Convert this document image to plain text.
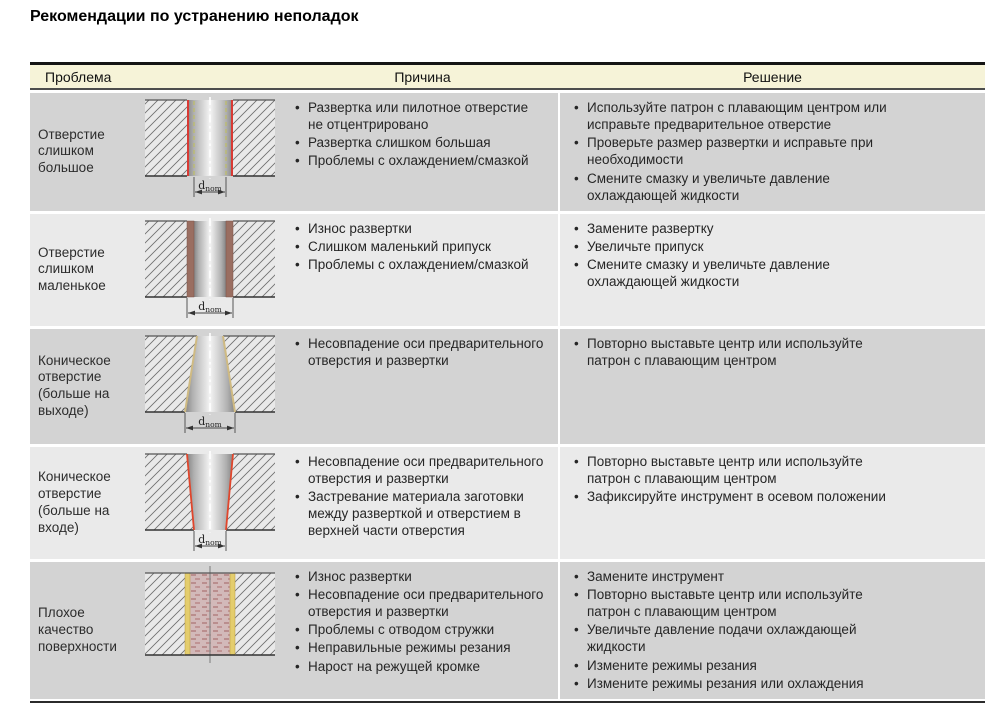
Рекомендации по устранению неполадок
Проблема	Причина	Решение
Отверстие слишком большое
dnom
• Развертка или пилотное отверстие не отцентрировано
• Развертка слишком большая
• Проблемы с охлаждением/смазкой
• Используйте патрон с плавающим центром или исправьте предварительное отверстие
• Проверьте размер развертки и исправьте при необходимости
• Смените смазку и увеличьте давление охлаждающей жидкости
Отверстие слишком маленькое
dnom
• Износ развертки
• Слишком маленький припуск
• Проблемы с охлаждением/смазкой
• Замените развертку
• Увеличьте припуск
• Смените смазку и увеличьте давление охлаждающей жидкости
Коническое отверстие (больше на выходе)
dnom
• Несовпадение оси предварительного отверстия и развертки
• Повторно выставьте центр или используйте патрон с плавающим центром
Коническое отверстие (больше на входе)
dnom
• Несовпадение оси предварительного отверстия и развертки
• Застревание материала заготовки между разверткой и отверстием в верхней части отверстия
• Повторно выставьте центр или используйте патрон с плавающим центром
• Зафиксируйте инструмент в осевом положении
Плохое качество поверхности
• Износ развертки
• Несовпадение оси предварительного отверстия и развертки
• Проблемы с отводом стружки
• Неправильные режимы резания
• Нарост на режущей кромке
• Замените инструмент
• Повторно выставьте центр или используйте патрон с плавающим центром
• Увеличьте давление подачи охлаждающей жидкости
• Измените режимы резания
• Измените режимы резания или охлаждения
